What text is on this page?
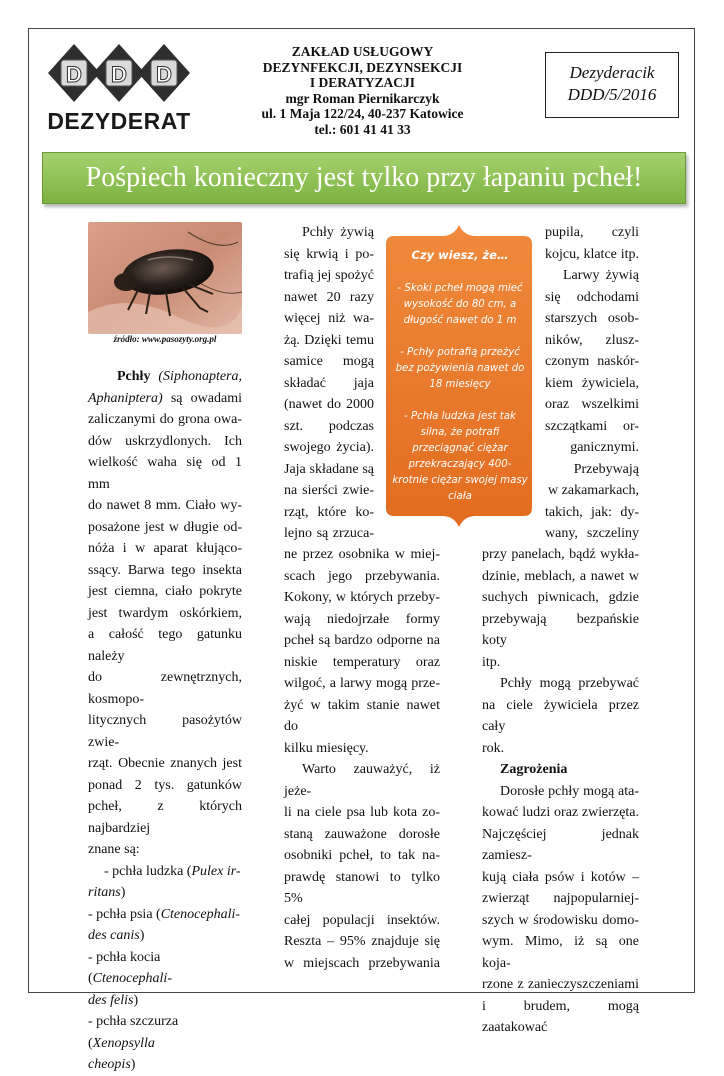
D D D
DEZYDERAT
ZAKŁAD USŁUGOWY
DEZYNFEKCJI, DEZYNSEKCJI
I DERATYZACJI
mgr Roman Piernikarczyk
ul. 1 Maja 122/24, 40-237 Katowice
tel.: 601 41 41 33
Dezyderacik
DDD/5/2016
Pośpiech konieczny jest tylko przy łapaniu pcheł!
źródło: www.pasozyty.org.pl

Pchły (Siphonaptera,

Aphaniptera) są owadami

zaliczanymi do grona owa-

dów uskrzydlonych. Ich

wielkość waha się od 1 mm

do nawet 8 mm. Ciało wy-

posażone jest w długie od-

nóża i w aparat kłująco-

ssący. Barwa tego insekta

jest ciemna, ciało pokryte

jest twardym oskórkiem,

a całość tego gatunku należy

do zewnętrznych, kosmopo-

litycznych pasożytów zwie-

rząt. Obecnie znanych jest

ponad 2 tys. gatunków

pcheł, z których najbardziej

znane są:

- pchła ludzka (Pulex ir-

ritans)

- pchła psia (Ctenocephali-

des canis)

- pchła kocia (Ctenocephali-

des felis)

- pchła szczurza (Xenopsylla

cheopis)

Pchły żywią

się krwią i po-

trafią jej spożyć

nawet 20 razy

więcej niż wa-

żą. Dzięki temu

samice mogą

składać jaja

(nawet do 2000

szt. podczas

swojego życia).

Jaja składane są

na sierści zwie-

rząt, które ko-

lejno są zrzuca-

ne przez osobnika w miej-

scach jego przebywania.

Kokony, w których przeby-

wają niedojrzałe formy

pcheł są bardzo odporne na

niskie temperatury oraz

wilgoć, a larwy mogą prze-

żyć w takim stanie nawet do

kilku miesięcy.

Warto zauważyć, iż jeże-

li na ciele psa lub kota zo-

staną zauważone dorosłe

osobniki pcheł, to tak na-

prawdę stanowi to tylko 5%

całej populacji insektów.

Reszta – 95% znajduje się

w miejscach przebywania

Czy wiesz, że…

- Skoki pcheł mogą mieć wysokość do 80 cm, a długość nawet do 1 m

- Pchły potrafią przeżyć bez pożywienia nawet do 18 miesięcy

- Pchła ludzka jest tak silna, że potrafi przeciągnąć ciężar przekraczający 400-krotnie ciężar swojej masy ciała

pupila, czyli

kojcu, klatce itp.

Larwy żywią

się odchodami

starszych osob-

ników, zlusz-

czonym naskór-

kiem żywiciela,

oraz wszelkimi

szczątkami or-

ganicznymi.

Przebywają

w zakamarkach,

takich, jak: dy-

wany, szczeliny

przy panelach, bądź wykła-

dzinie, meblach, a nawet w

suchych piwnicach, gdzie

przebywają bezpańskie koty

itp.

Pchły mogą przebywać

na ciele żywiciela przez cały

rok.

Zagrożenia

Dorosłe pchły mogą ata-

kować ludzi oraz zwierzęta.

Najczęściej jednak zamiesz-

kują ciała psów i kotów –

zwierząt najpopularniej-

szych w środowisku domo-

wym. Mimo, iż są one koja-

rzone z zanieczyszczeniami

i brudem, mogą zaatakować
